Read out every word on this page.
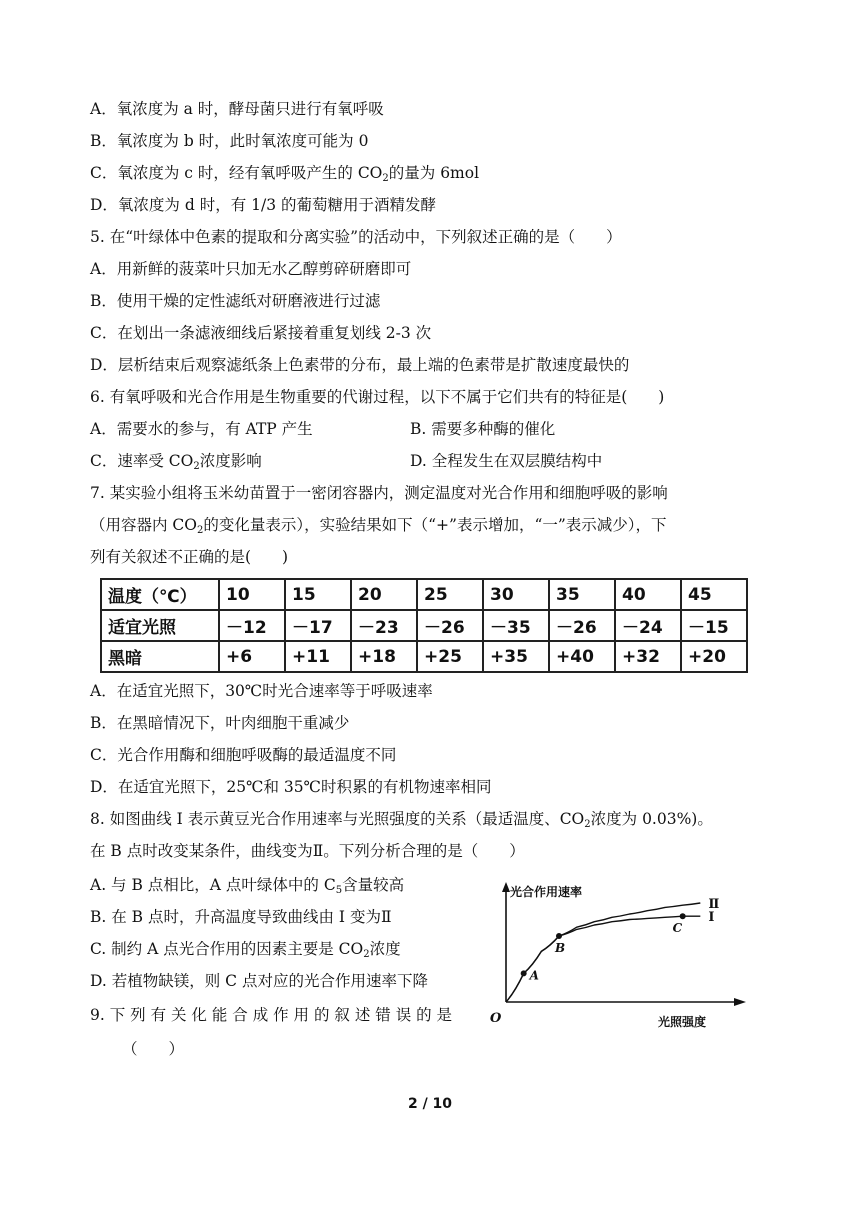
A．氧浓度为 a 时，酵母菌只进行有氧呼吸
B．氧浓度为 b 时，此时氧浓度可能为 0
C．氧浓度为 c 时，经有氧呼吸产生的 $CO_2$的量为 6mol
D．氧浓度为 d 时，有 1/3 的葡萄糖用于酒精发酵
5. 在“叶绿体中色素的提取和分离实验”的活动中，下列叙述正确的是（　　）
A．用新鲜的菠菜叶只加无水乙醇剪碎研磨即可
B．使用干燥的定性滤纸对研磨液进行过滤
C．在划出一条滤液细线后紧接着重复划线 2-3 次
D．层析结束后观察滤纸条上色素带的分布，最上端的色素带是扩散速度最快的
6. 有氧呼吸和光合作用是生物重要的代谢过程，以下不属于它们共有的特征是(　　)
A．需要水的参与，有 ATP 产生	B. 需要多种酶的催化
C．速率受 $CO_2$浓度影响	D. 全程发生在双层膜结构中
7. 某实验小组将玉米幼苗置于一密闭容器内，测定温度对光合作用和细胞呼吸的影响
（用容器内 $CO_2$的变化量表示），实验结果如下（“+”表示增加，“一”表示减少），下
列有关叙述不正确的是(　　)
温度（℃）	10	15	20	25	30	35	40	45
适宜光照	－12	－17	－23	－26	－35	－26	－24	－15
黑暗	+6	+11	+18	+25	+35	+40	+32	+20
A．在适宜光照下，30℃时光合速率等于呼吸速率
B．在黑暗情况下，叶肉细胞干重减少
C．光合作用酶和细胞呼吸酶的最适温度不同
D．在适宜光照下，25℃和 35℃时积累的有机物速率相同
8. 如图曲线 I 表示黄豆光合作用速率与光照强度的关系（最适温度、$CO_2$浓度为 0.03%)。
在 B 点时改变某条件，曲线变为Ⅱ。下列分析合理的是（　　）
A. 与 B 点相比，A 点叶绿体中的 $C_5$含量较高
B. 在 B 点时，升高温度导致曲线由 I 变为Ⅱ
C. 制约 A 点光合作用的因素主要是 $CO_2$浓度
D. 若植物缺镁，则 C 点对应的光合作用速率下降
9. 下 列 有 关 化 能 合 成 作 用 的 叙 述 错 误 的 是
（　　）
光合作用速率
光照强度
O
Ⅱ
I
A
B
C
2 / 10
